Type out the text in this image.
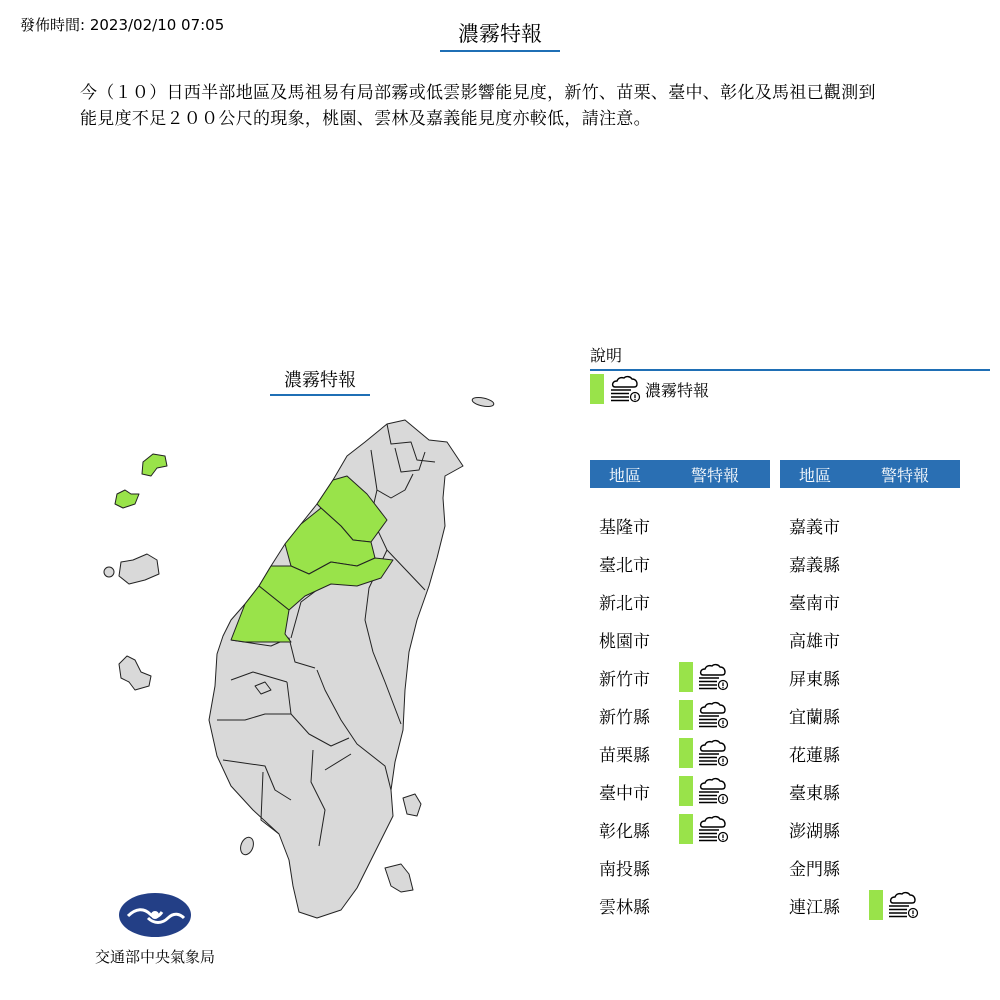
發佈時間: 2023/02/10 07:05	濃霧特報
今（１０）日西半部地區及馬祖易有局部霧或低雲影響能見度，新竹、苗栗、臺中、彰化及馬祖已觀測到
能見度不足２００公尺的現象，桃園、雲林及嘉義能見度亦較低，請注意。
濃霧特報
說明
濃霧特報
地區	警特報
基隆市
臺北市
新北市
桃園市
新竹市
新竹縣
苗栗縣
臺中市
彰化縣
南投縣
雲林縣
地區	警特報
嘉義市
嘉義縣
臺南市
高雄市
屏東縣
宜蘭縣
花蓮縣
臺東縣
澎湖縣
金門縣
連江縣
交通部中央氣象局
